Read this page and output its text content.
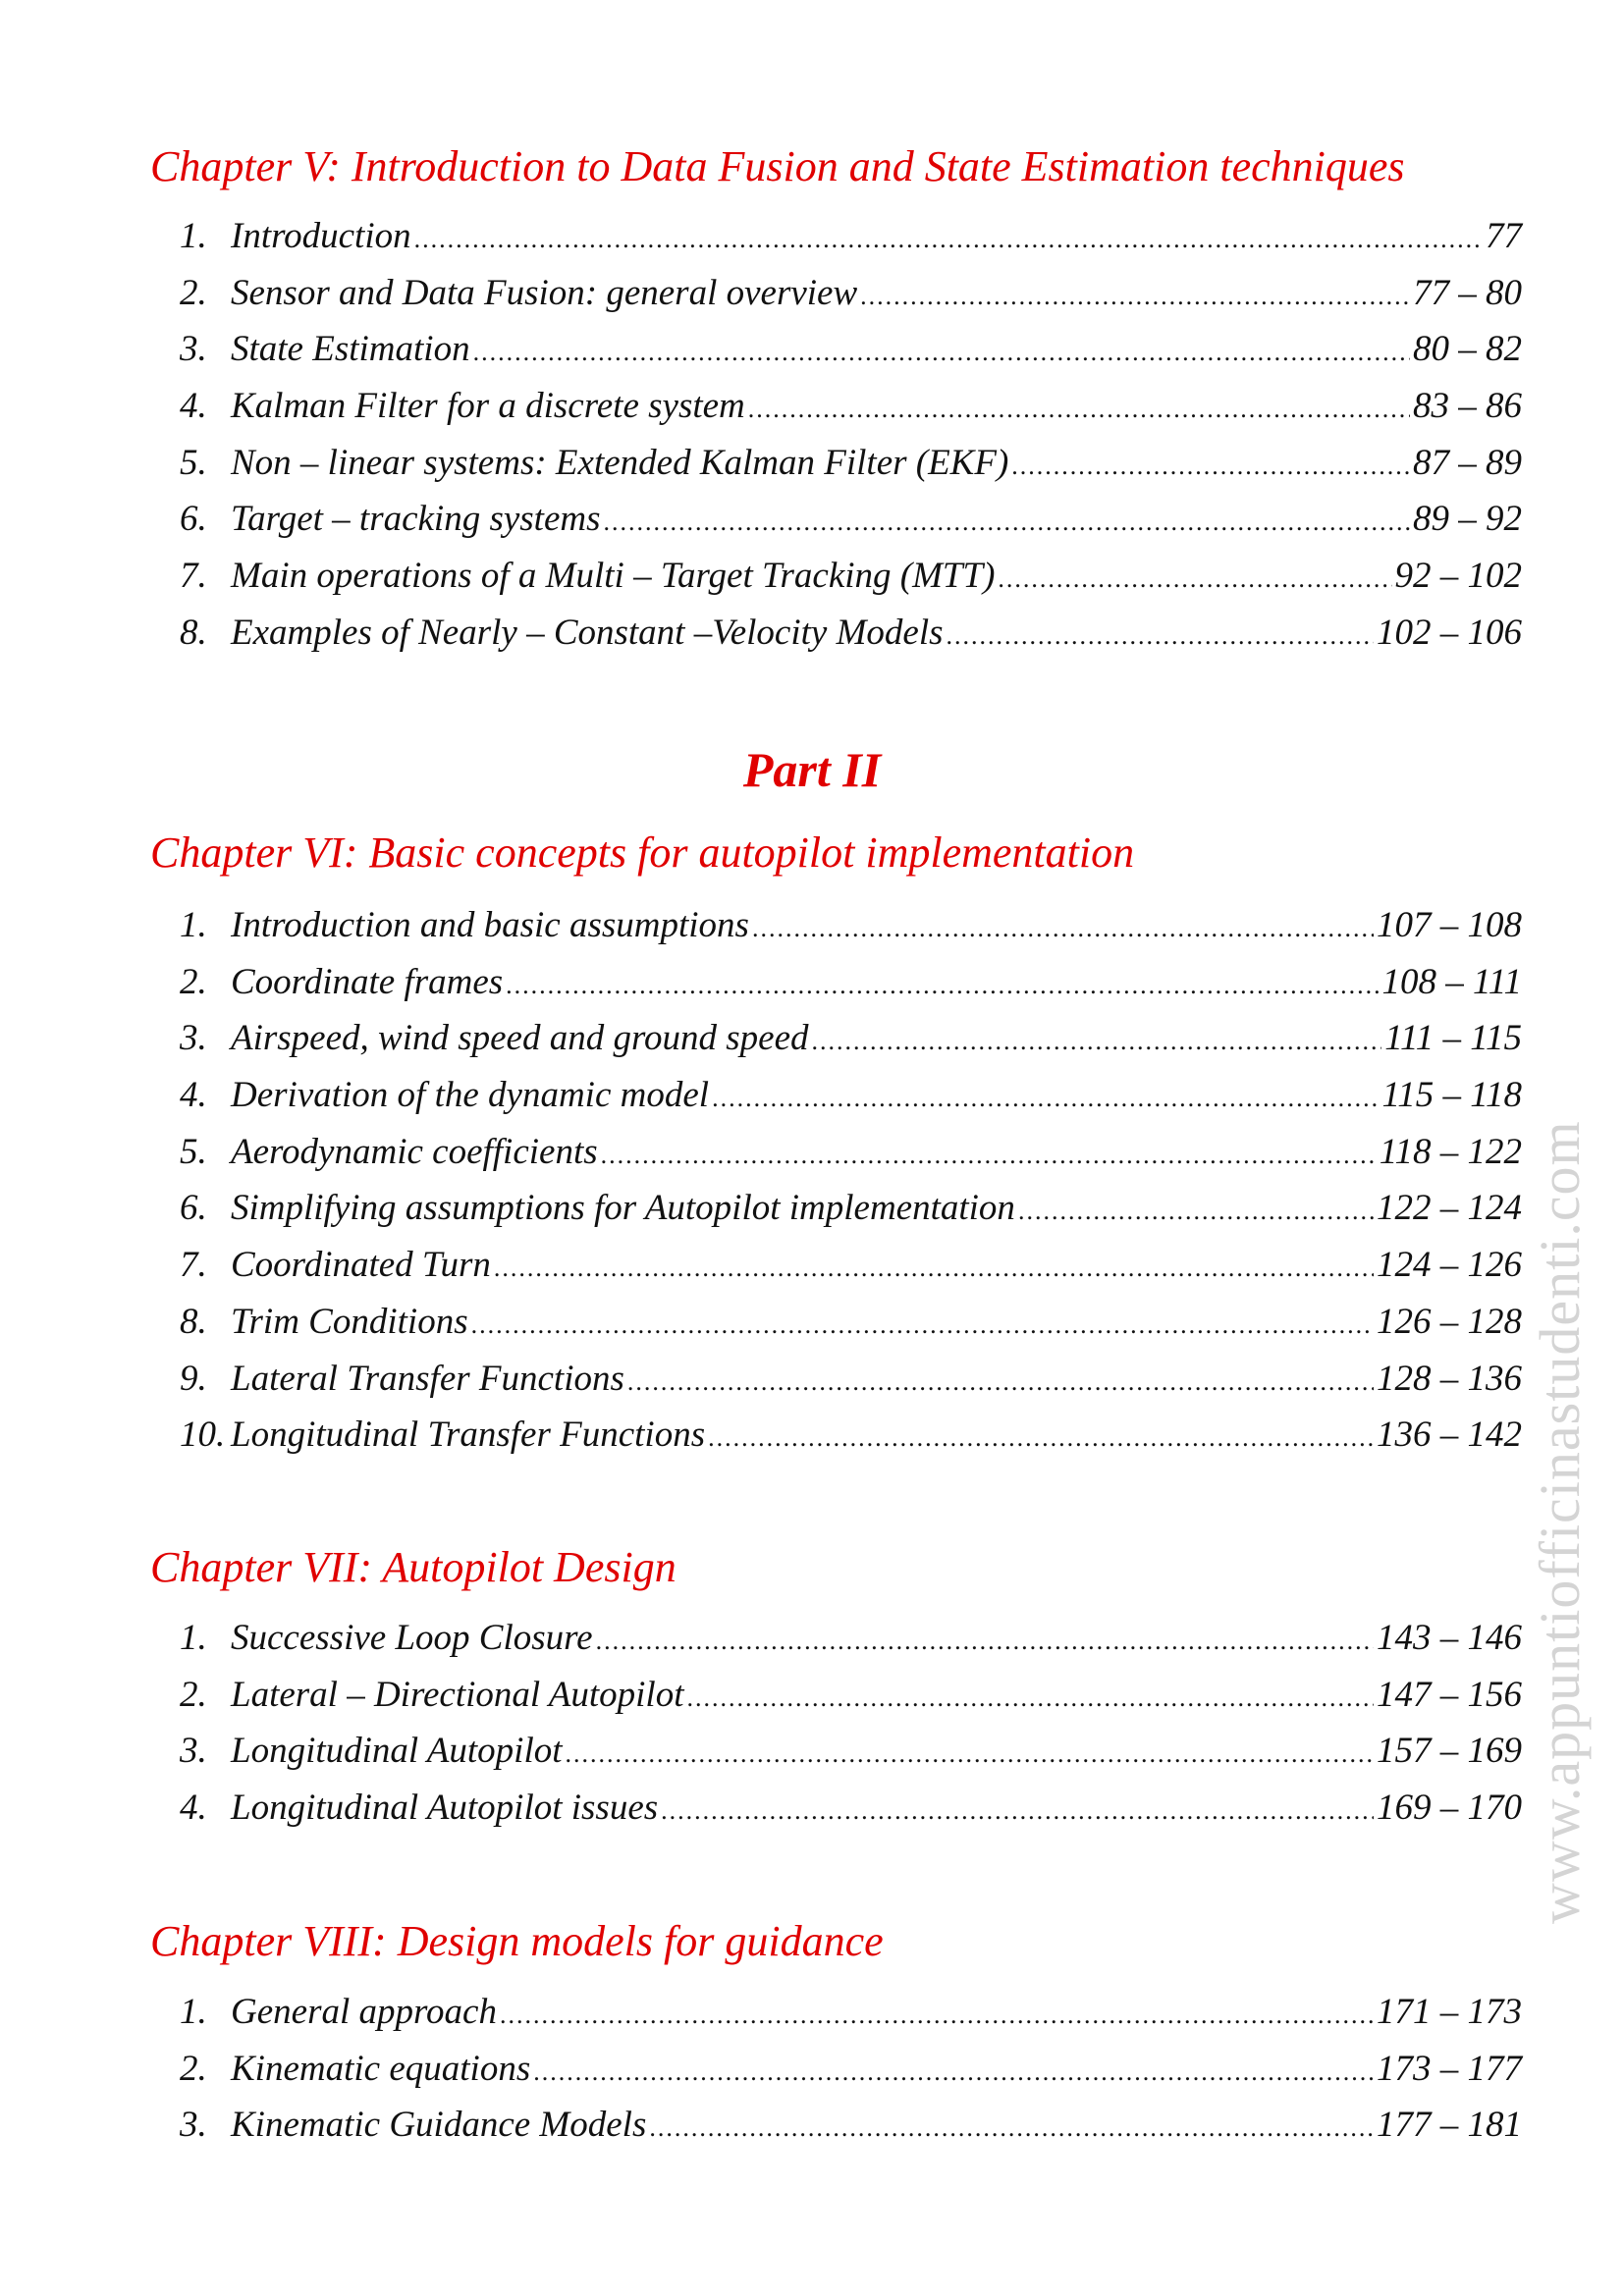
Chapter V: Introduction to Data Fusion and State Estimation techniques
1. Introduction .....	77
2. Sensor and Data Fusion: general overview .....	77 – 80
3. State Estimation .....	80 – 82
4. Kalman Filter for a discrete system .....	83 – 86
5. Non – linear systems: Extended Kalman Filter (EKF) .....	87 – 89
6. Target – tracking systems .....	89 – 92
7. Main operations of a Multi – Target Tracking (MTT) .....	92 – 102
8. Examples of Nearly – Constant –Velocity Models .....	102 – 106
Part II
Chapter VI: Basic concepts for autopilot implementation
1. Introduction and basic assumptions .....	107 – 108
2. Coordinate frames .....	108 – 111
3. Airspeed, wind speed and ground speed .....	111 – 115
4. Derivation of the dynamic model .....	115 – 118
5. Aerodynamic coefficients .....	118 – 122
6. Simplifying assumptions for Autopilot implementation .....	122 – 124
7. Coordinated Turn .....	124 – 126
8. Trim Conditions .....	126 – 128
9. Lateral Transfer Functions .....	128 – 136
10. Longitudinal Transfer Functions .....	136 – 142
Chapter VII: Autopilot Design
1. Successive Loop Closure .....	143 – 146
2. Lateral – Directional Autopilot .....	147 – 156
3. Longitudinal Autopilot .....	157 – 169
4. Longitudinal Autopilot issues .....	169 – 170
Chapter VIII: Design models for guidance
1. General approach .....	171 – 173
2. Kinematic equations .....	173 – 177
3. Kinematic Guidance Models .....	177 – 181
www.appuntiofficinastudenti.com
